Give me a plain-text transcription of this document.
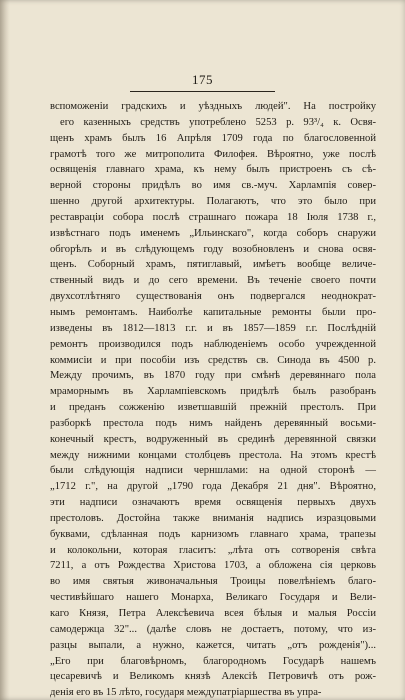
175
вспоможенiи градскихъ и уѣздныхъ людей". На постройку
его казенныхъ средствъ употреблено 5253 р. 93³/₄ к. Освя-
щенъ храмъ былъ 16 Апрѣля 1709 года по благословенной
грамотѣ того же митрополита Филофея. Вѣроятно, уже послѣ
освященiя главнаго храма, къ нему былъ пристроенъ съ сѣ-
верной стороны придѣлъ во имя св.-муч. Харлампiя совер-
шенно другой архитектуры. Полагаютъ, что это было при
реставрацiи собора послѣ страшнаго пожара 18 Iюля 1738 г.,
извѣстнаго подъ именемъ „Ильинскаго", когда соборъ снаружи
обгорѣлъ и въ слѣдующемъ году возобновленъ и снова освя-
щенъ. Соборный храмъ, пятиглавый, имѣетъ вообще величе-
ственный видъ и до сего времени. Въ теченiе своего почти
двухсотлѣтняго существованiя онъ подвергался неоднократ-
нымъ ремонтамъ. Наиболѣе капитальные ремонты были про-
изведены въ 1812—1813 г.г. и въ 1857—1859 г.г. Послѣднiй
ремонтъ производился подъ наблюденiемъ особо учрежденной
коммисiи и при пособiи изъ средствъ св. Синода въ 4500 р.
Между прочимъ, въ 1870 году при смѣнѣ деревяннаго пола
мраморнымъ въ Харлампiевскомъ придѣлѣ былъ разобранъ
и преданъ сожженiю изветшавшiй прежнiй престолъ. При
разборкѣ престола подъ нимъ найденъ деревянный восьми-
конечный крестъ, водруженный въ срединѣ деревянной связки
между нижними концами столбцевъ престола. На этомъ крестѣ
были слѣдующiя надписи черншлами: на одной сторонѣ —
„1712 г.", на другой „1790 года Декабря 21 дня". Вѣроятно,
эти надписи означаютъ время освященiя первыхъ двухъ
престоловъ. Достойна также вниманiя надпись изразцовыми
буквами, сдѣланная подъ карнизомъ главнаго храма, трапезы
и колокольни, которая гласитъ: „лѣта отъ сотворенiя свѣта
7211, а отъ Рождества Христова 1703, а обложена сiя церковь
во имя святыя живоначальныя Троицы повелѣнiемъ благо-
честивѣйшаго нашего Монарха, Великаго Государя и Вели-
каго Князя, Петра Алексѣевича всея бѣлыя и малыя Россiи
самодержца 32"... (далѣе словъ не достаетъ, потому, что из-
разцы выпали, а нужно, кажется, читать „отъ рожденiя")...
„Его при благовѣрномъ, благородномъ Государѣ нашемъ
цесаревичѣ и Великомъ князѣ Алексiѣ Петровичѣ отъ рож-
денiя его въ 15 лѣто, государя междупатрiаршества въ упра-
